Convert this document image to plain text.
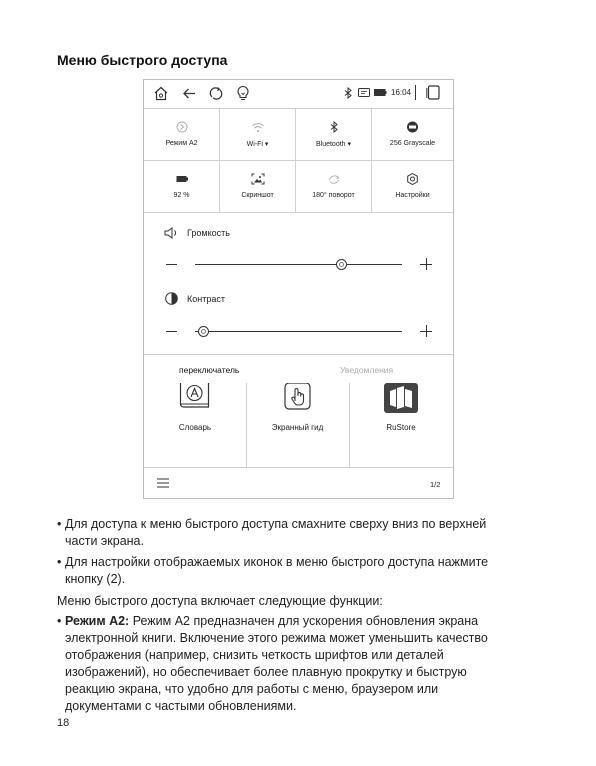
Меню быстрого доступа
16:04
Режим A2	Wi-Fi ▾	Bluetooth ▾	256 Grayscale
92 %	Скриншот	180° поворот	Настройки
Громкость
Контраст
переключатель	Уведомления
Словарь	Экранный гид	RuStore
1/2
• Для доступа к меню быстрого доступа смахните сверху вниз по верхней
части экрана.
• Для настройки отображаемых иконок в меню быстрого доступа нажмите
кнопку (2).
Меню быстрого доступа включает следующие функции:
• Режим А2: Режим А2 предназначен для ускорения обновления экрана
электронной книги. Включение этого режима может уменьшить качество
отображения (например, снизить четкость шрифтов или деталей
изображений), но обеспечивает более плавную прокрутку и быструю
реакцию экрана, что удобно для работы с меню, браузером или
документами с частыми обновлениями.
18
